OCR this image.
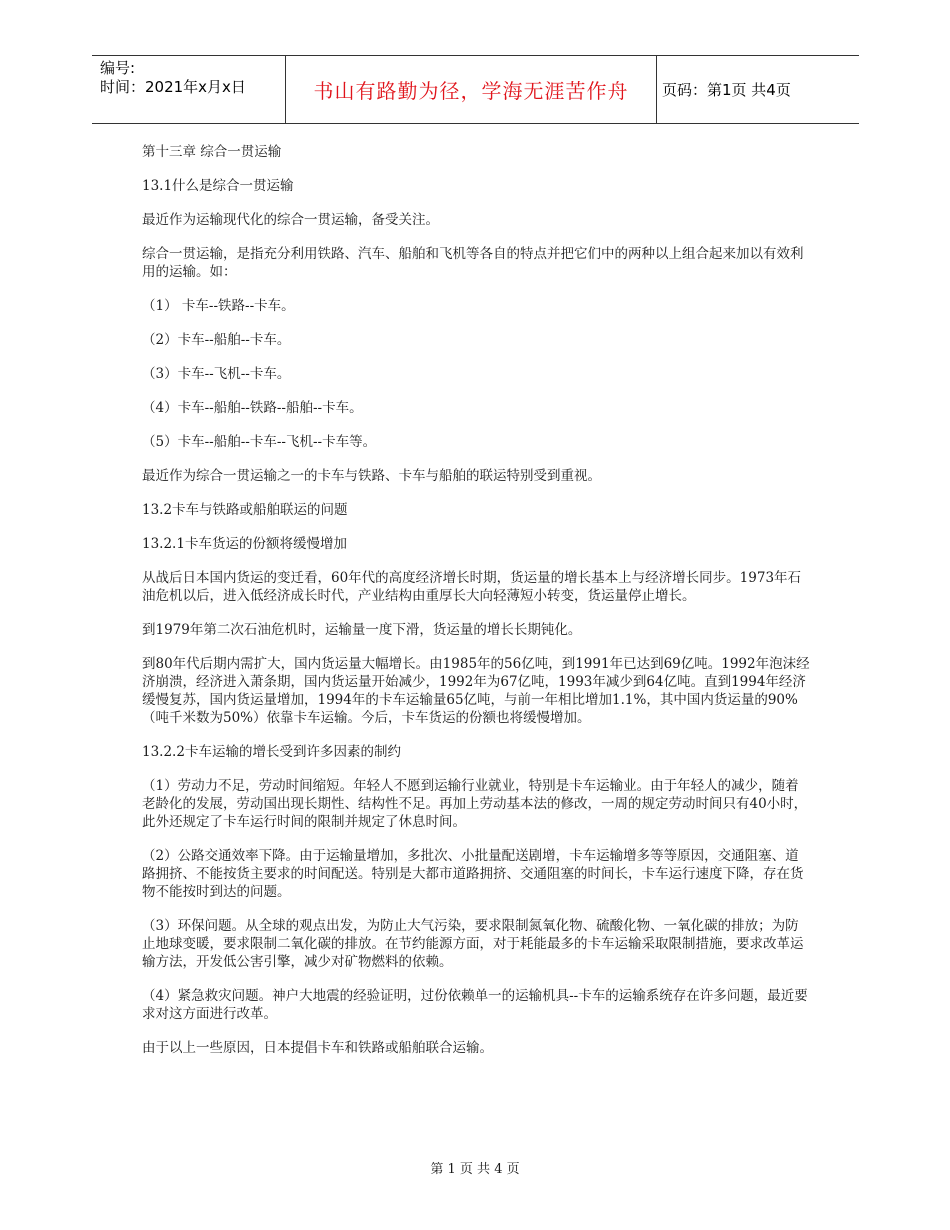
编号:
时间：2021年x月x日	书山有路勤为径，学海无涯苦作舟 页码：第1页 共4页

第十三章 综合一贯运输

13.1什么是综合一贯运输

最近作为运输现代化的综合一贯运输，备受关注。

综合一贯运输，是指充分利用铁路、汽车、船舶和飞机等各自的特点并把它们中的两种以上组合起来加以有效利用的运输。如：

（1） 卡车--铁路--卡车。

（2）卡车--船舶--卡车。

（3）卡车--飞机--卡车。

（4）卡车--船舶--铁路--船舶--卡车。

（5）卡车--船舶--卡车--飞机--卡车等。

最近作为综合一贯运输之一的卡车与铁路、卡车与船舶的联运特别受到重视。

13.2卡车与铁路或船舶联运的问题

13.2.1卡车货运的份额将缓慢增加

从战后日本国内货运的变迁看，60年代的高度经济增长时期，货运量的增长基本上与经济增长同步。1973年石油危机以后，进入低经济成长时代，产业结构由重厚长大向轻薄短小转变，货运量停止增长。

到1979年第二次石油危机时，运输量一度下滑，货运量的增长长期钝化。

到80年代后期内需扩大，国内货运量大幅增长。由1985年的56亿吨，到1991年已达到69亿吨。1992年泡沫经济崩溃，经济进入萧条期，国内货运量开始减少，1992年为67亿吨，1993年减少到64亿吨。直到1994年经济缓慢复苏，国内货运量增加，1994年的卡车运输量65亿吨，与前一年相比增加1.1%，其中国内货运量的90%（吨千米数为50%）依靠卡车运输。今后，卡车货运的份额也将缓慢增加。

13.2.2卡车运输的增长受到许多因素的制约

（1）劳动力不足，劳动时间缩短。年轻人不愿到运输行业就业，特别是卡车运输业。由于年轻人的减少，随着老龄化的发展，劳动国出现长期性、结构性不足。再加上劳动基本法的修改，一周的规定劳动时间只有40小时，此外还规定了卡车运行时间的限制并规定了休息时间。

（2）公路交通效率下降。由于运输量增加，多批次、小批量配送剧增，卡车运输增多等等原因，交通阻塞、道路拥挤、不能按货主要求的时间配送。特别是大都市道路拥挤、交通阻塞的时间长，卡车运行速度下降，存在货物不能按时到达的问题。

（3）环保问题。从全球的观点出发，为防止大气污染，要求限制氮氧化物、硫酸化物、一氧化碳的排放；为防止地球变暖，要求限制二氧化碳的排放。在节约能源方面，对于耗能最多的卡车运输采取限制措施，要求改革运输方法，开发低公害引擎，减少对矿物燃料的依赖。

（4）紧急救灾问题。神户大地震的经验证明，过份依赖单一的运输机具--卡车的运输系统存在许多问题，最近要求对这方面进行改革。

由于以上一些原因，日本提倡卡车和铁路或船舶联合运输。

第 1 页 共 4 页
